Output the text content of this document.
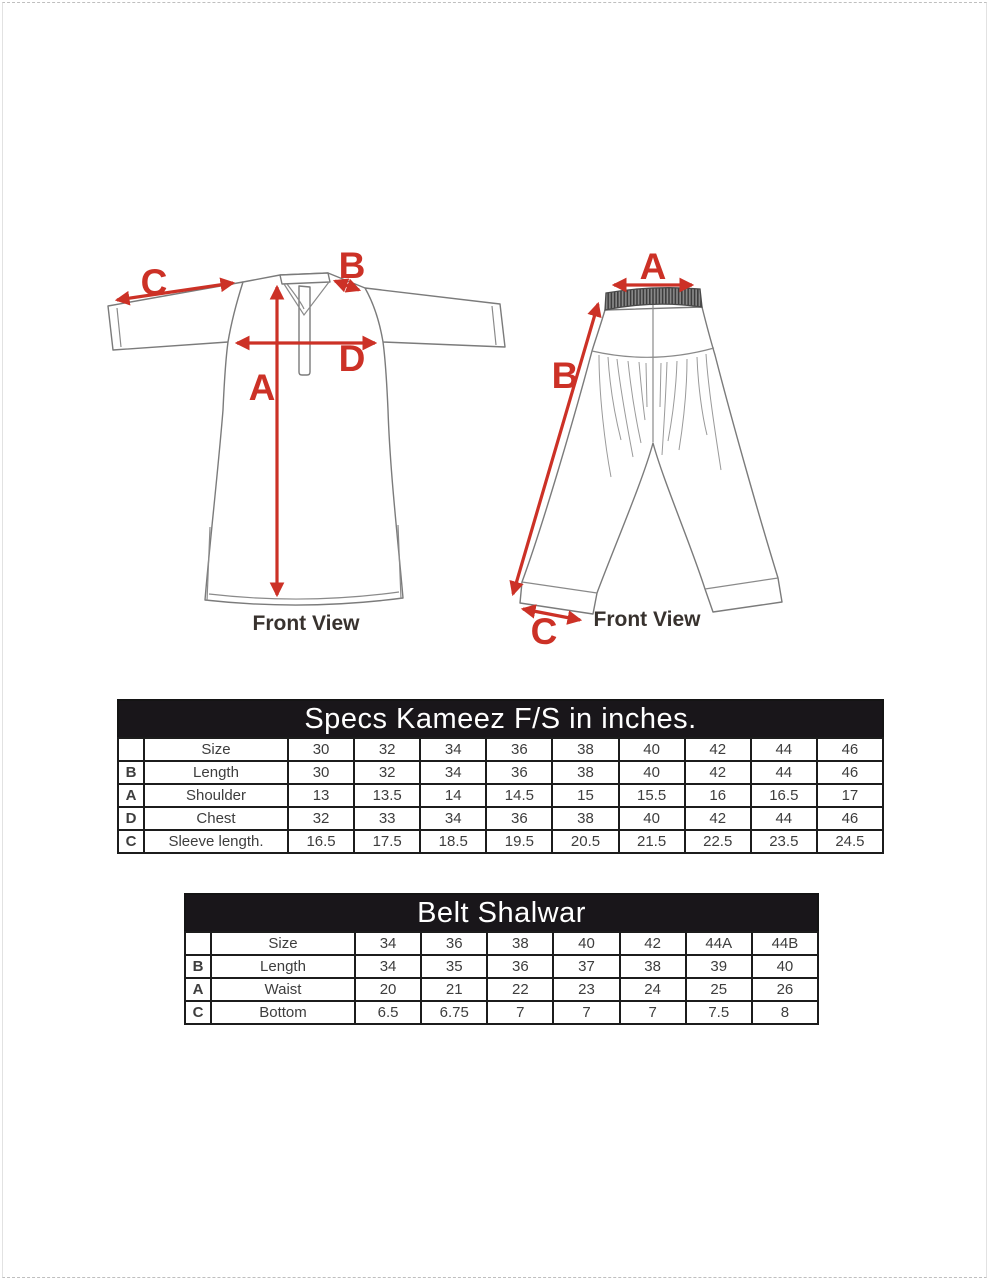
C	B
A
D
Front View
A
B
C Front View
Specs Kameez F/S in inches.
	Size	30	32	34	36	38	40	42	44	46
B	Length	30	32	34	36	38	40	42	44	46
A	Shoulder	13	13.5	14	14.5	15	15.5	16	16.5	17
D	Chest	32	33	34	36	38	40	42	44	46
C	Sleeve length.	16.5	17.5	18.5	19.5	20.5	21.5	22.5	23.5	24.5
Belt Shalwar
	Size	34	36	38	40	42	44A	44B
B	Length	34	35	36	37	38	39	40
A	Waist	20	21	22	23	24	25	26
C	Bottom	6.5	6.75	7	7	7	7.5	8
